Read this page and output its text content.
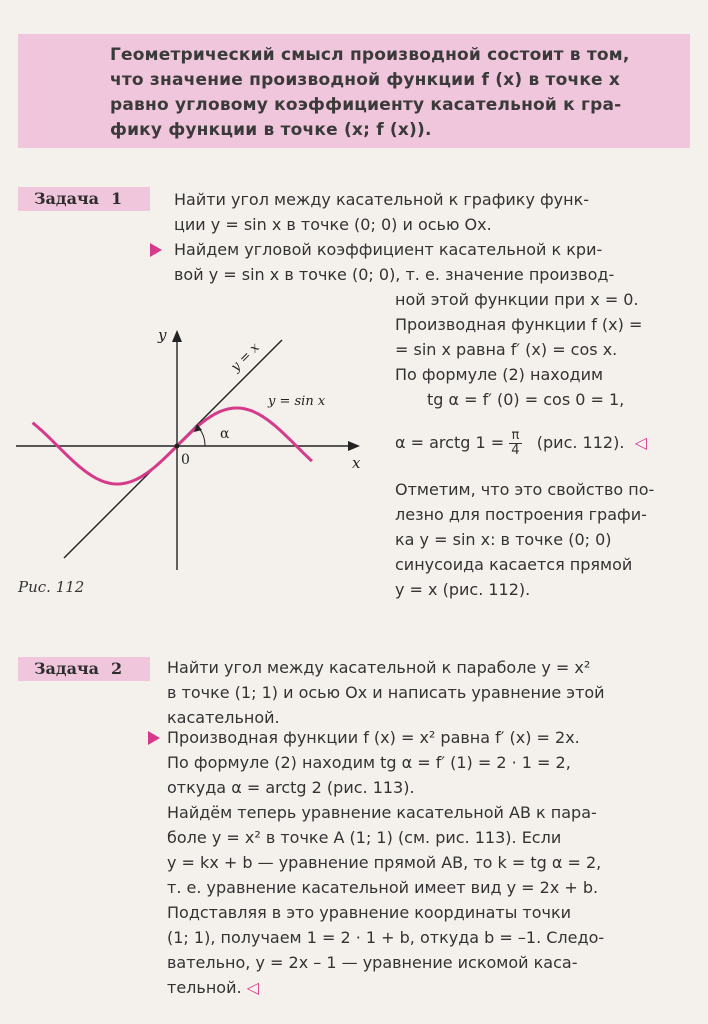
Геометрический смысл производной состоит в том,
что значение производной функции f (x) в точке x
равно угловому коэффициенту касательной к гра-
фику функции в точке (x; f (x)).
Задача 1	Найти угол между касательной к графику функ-
ции y = sin x в точке (0; 0) и осью Ox.
Найдем угловой коэффициент касательной к кри-
вой y = sin x в точке (0; 0), т. е. значение производ-
ной этой функции при x = 0.
Производная функции f (x) =
= sin x равна f′ (x) = cos x.
По формуле (2) находим
tg α = f′ (0) = cos 0 = 1,
α = arctg $1 = \frac{\pi}{4} (рис$. 112). ◁
Отметим, что это свойство по-
лезно для построения графи-
ка y = sin x: в точке (0; 0)
синусоида касается прямой
y = x (рис. 112).
y
x
0
y = x
y = sin x
α
Рис. 112
Задача 2	Найти угол между касательной к параболе y = x²
в точке (1; 1) и осью Ox и написать уравнение этой
касательной.
Производная функции f (x) = x² равна f′ (x) = 2x.
По формуле (2) находим tg α = f′ (1) = 2 · 1 = 2,
откуда α = arctg 2 (рис. 113).
Найдём теперь уравнение касательной AB к пара-
боле y = x² в точке A (1; 1) (см. рис. 113). Если
y = kx + b — уравнение прямой AB, то k = tg α = 2,
т. е. уравнение касательной имеет вид y = 2x + b.
Подставляя в это уравнение координаты точки
(1; 1), получаем 1 = 2 · 1 + b, откуда b = –1. Следо-
вательно, y = 2x – 1 — уравнение искомой каса-
тельной. ◁
